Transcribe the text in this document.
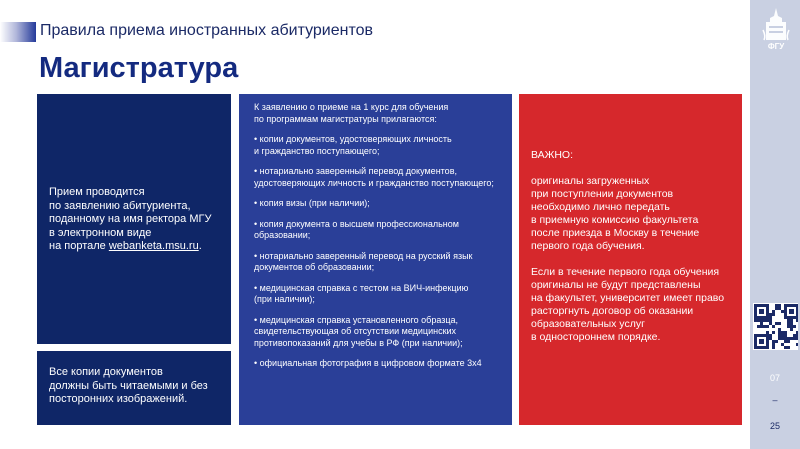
Правила приема иностранных абитуриентов
Магистратура
Прием проводится
по заявлению абитуриента,
поданному на имя ректора МГУ
в электронном виде
на портале webanketa.msu.ru.
Все копии документов
должны быть читаемыми и без
посторонних изображений.
К заявлению о приеме на 1 курс для обучения
по программам магистратуры прилагаются:
• копии документов, удостоверяющих личность
и гражданство поступающего;
• нотариально заверенный перевод документов,
удостоверяющих личность и гражданство поступающего;
• копия визы (при наличии);
• копия документа о высшем профессиональном
образовании;
• нотариально заверенный перевод на русский язык
документов об образовании;
• медицинская справка с тестом на ВИЧ-инфекцию
(при наличии);
• медицинская справка установленного образца,
свидетельствующая об отсутствии медицинских
противопоказаний для учебы в РФ (при наличии);
• официальная фотография в цифровом формате 3х4
ВАЖНО:
оригиналы загруженных
при поступлении документов
необходимо лично передать
в приемную комиссию факультета
после приезда в Москву в течение
первого года обучения.
Если в течение первого года обучения
оригиналы не будут представлены
на факультет, университет имеет право
расторгнуть договор об оказании
образовательных услуг
в одностороннем порядке.
ФГУ
07
–
25
